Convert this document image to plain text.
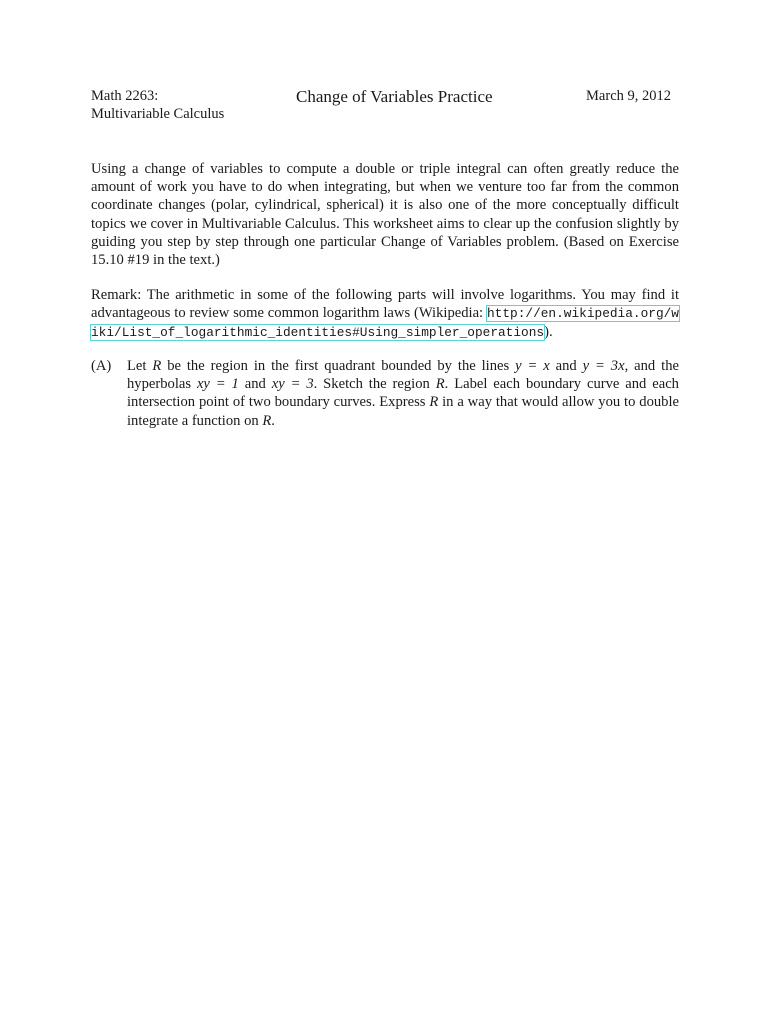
Math 2263:
Multivariable Calculus
Change of Variables Practice	March 9, 2012

Using a change of variables to compute a double or triple integral can often greatly reduce the amount of work you have to do when integrating, but when we venture too far from the common coordinate changes (polar, cylindrical, spherical) it is also one of the more conceptually difficult topics we cover in Multivariable Calculus. This worksheet aims to clear up the confusion slightly by guiding you step by step through one particular Change of Variables problem. (Based on Exercise 15.10 #19 in the text.)

Remark: The arithmetic in some of the following parts will involve logarithms. You may find it advantageous to review some common logarithm laws (Wikipedia: http://en.wikipedia.org/wiki/List_of_logarithmic_identities#Using_simpler_operations).

(A) Let R be the region in the first quadrant bounded by the lines y = x and y = 3x, and the hyperbolas xy = 1 and xy = 3. Sketch the region R. Label each boundary curve and each intersection point of two boundary curves. Express R in a way that would allow you to double integrate a function on R.
